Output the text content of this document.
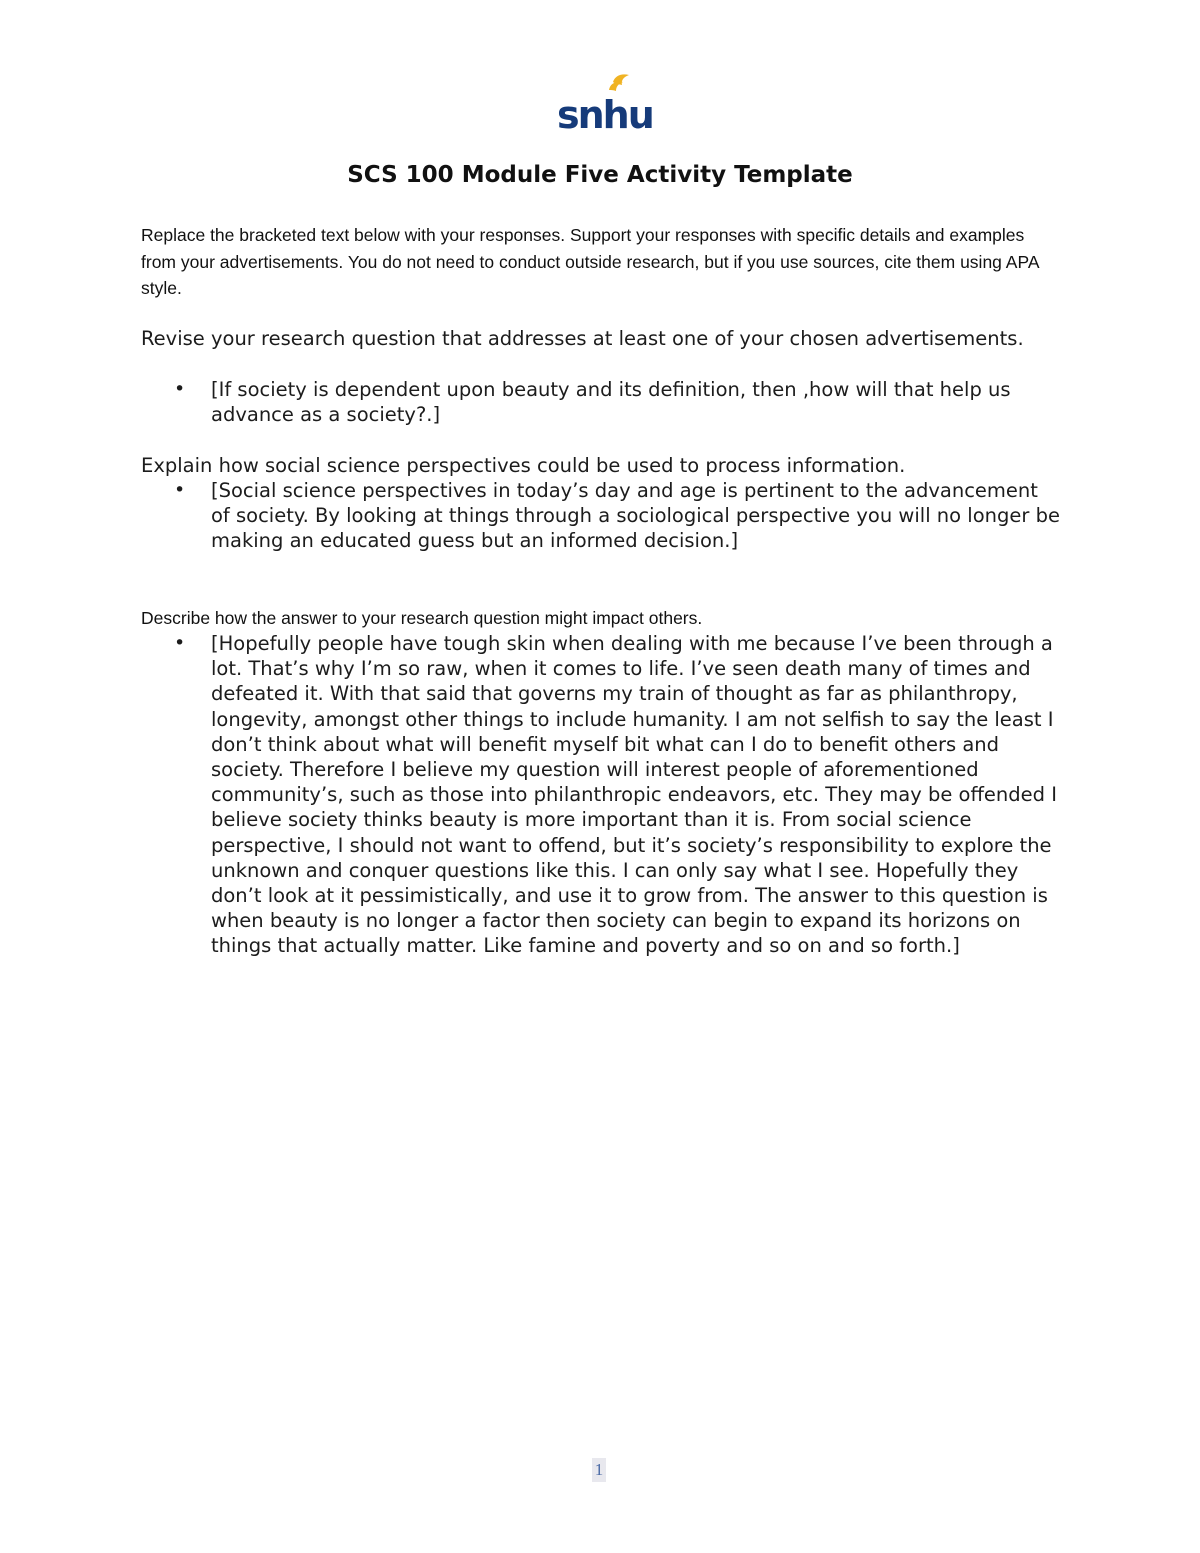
snhu
SCS 100 Module Five Activity Template

Replace the bracketed text below with your responses. Support your responses with specific details and examples from your advertisements. You do not need to conduct outside research, but if you use sources, cite them using APA style.

Revise your research question that addresses at least one of your chosen advertisements.

• [If society is dependent upon beauty and its definition, then ,how will that help us advance as a society?.]

Explain how social science perspectives could be used to process information.

• [Social science perspectives in today’s day and age is pertinent to the advancement of society. By looking at things through a sociological perspective you will no longer be making an educated guess but an informed decision.]

Describe how the answer to your research question might impact others.

• [Hopefully people have tough skin when dealing with me because I’ve been through a lot. That’s why I’m so raw, when it comes to life. I’ve seen death many of times and defeated it. With that said that governs my train of thought as far as philanthropy, longevity, amongst other things to include humanity. I am not selfish to say the least I don’t think about what will benefit myself bit what can I do to benefit others and society. Therefore I believe my question will interest people of aforementioned community’s, such as those into philanthropic endeavors, etc. They may be offended I believe society thinks beauty is more important than it is. From social science perspective, I should not want to offend, but it’s society’s responsibility to explore the unknown and conquer questions like this. I can only say what I see. Hopefully they don’t look at it pessimistically, and use it to grow from. The answer to this question is when beauty is no longer a factor then society can begin to expand its horizons on things that actually matter. Like famine and poverty and so on and so forth.]

1
